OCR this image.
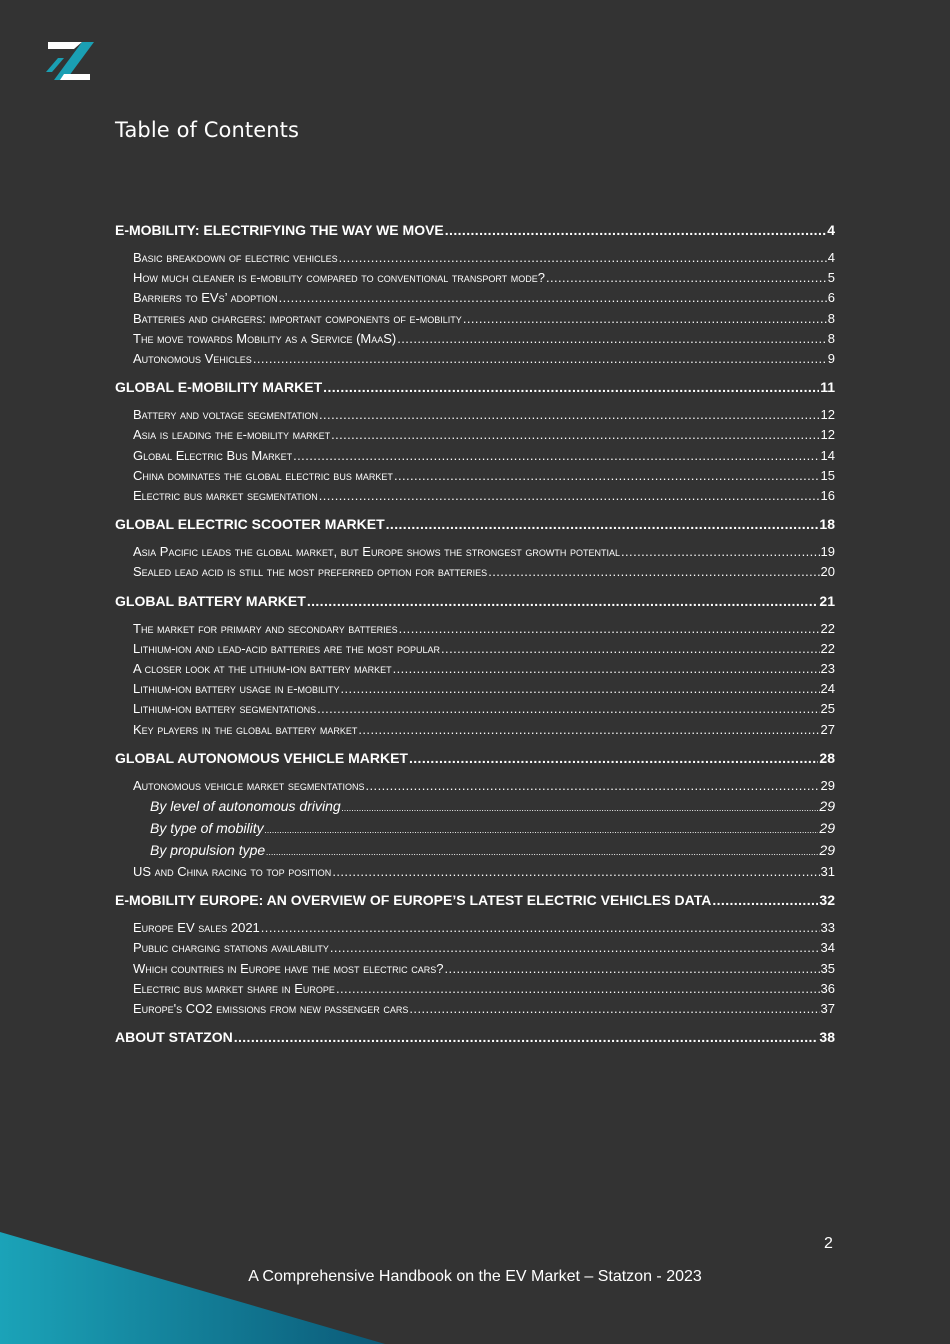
Table of Contents
E-MOBILITY: ELECTRIFYING THE WAY WE MOVE .....	4
Basic breakdown of electric vehicles .....	4
How much cleaner is e-mobility compared to conventional transport mode? .....	5
Barriers to EVs’ adoption .....	6
Batteries and chargers: important components of e-mobility .....	8
The move towards Mobility as a Service (MaaS) .....	8
Autonomous Vehicles .....	9
GLOBAL E-MOBILITY MARKET .....	11
Battery and voltage segmentation .....	12
Asia is leading the e-mobility market .....	12
Global Electric Bus Market .....	14
China dominates the global electric bus market .....	15
Electric bus market segmentation .....	16
GLOBAL ELECTRIC SCOOTER MARKET .....	18
Asia Pacific leads the global market, but Europe shows the strongest growth potential .....	19
Sealed lead acid is still the most preferred option for batteries .....	20
GLOBAL BATTERY MARKET .....	21
The market for primary and secondary batteries .....	22
Lithium-ion and lead-acid batteries are the most popular .....	22
A closer look at the lithium-ion battery market .....	23
Lithium-ion battery usage in e-mobility .....	24
Lithium-ion battery segmentations .....	25
Key players in the global battery market .....	27
GLOBAL AUTONOMOUS VEHICLE MARKET .....	28
Autonomous vehicle market segmentations .....	29
By level of autonomous driving .....	29
By type of mobility .....	29
By propulsion type .....	29
US and China racing to top position .....	31
E-MOBILITY EUROPE: AN OVERVIEW OF EUROPE’S LATEST ELECTRIC VEHICLES DATA .....	32
Europe EV sales 2021 .....	33
Public charging stations availability .....	34
Which countries in Europe have the most electric cars? .....	35
Electric bus market share in Europe .....	36
Europe's CO2 emissions from new passenger cars .....	37
ABOUT STATZON .....	38
2
A Comprehensive Handbook on the EV Market – Statzon - 2023
